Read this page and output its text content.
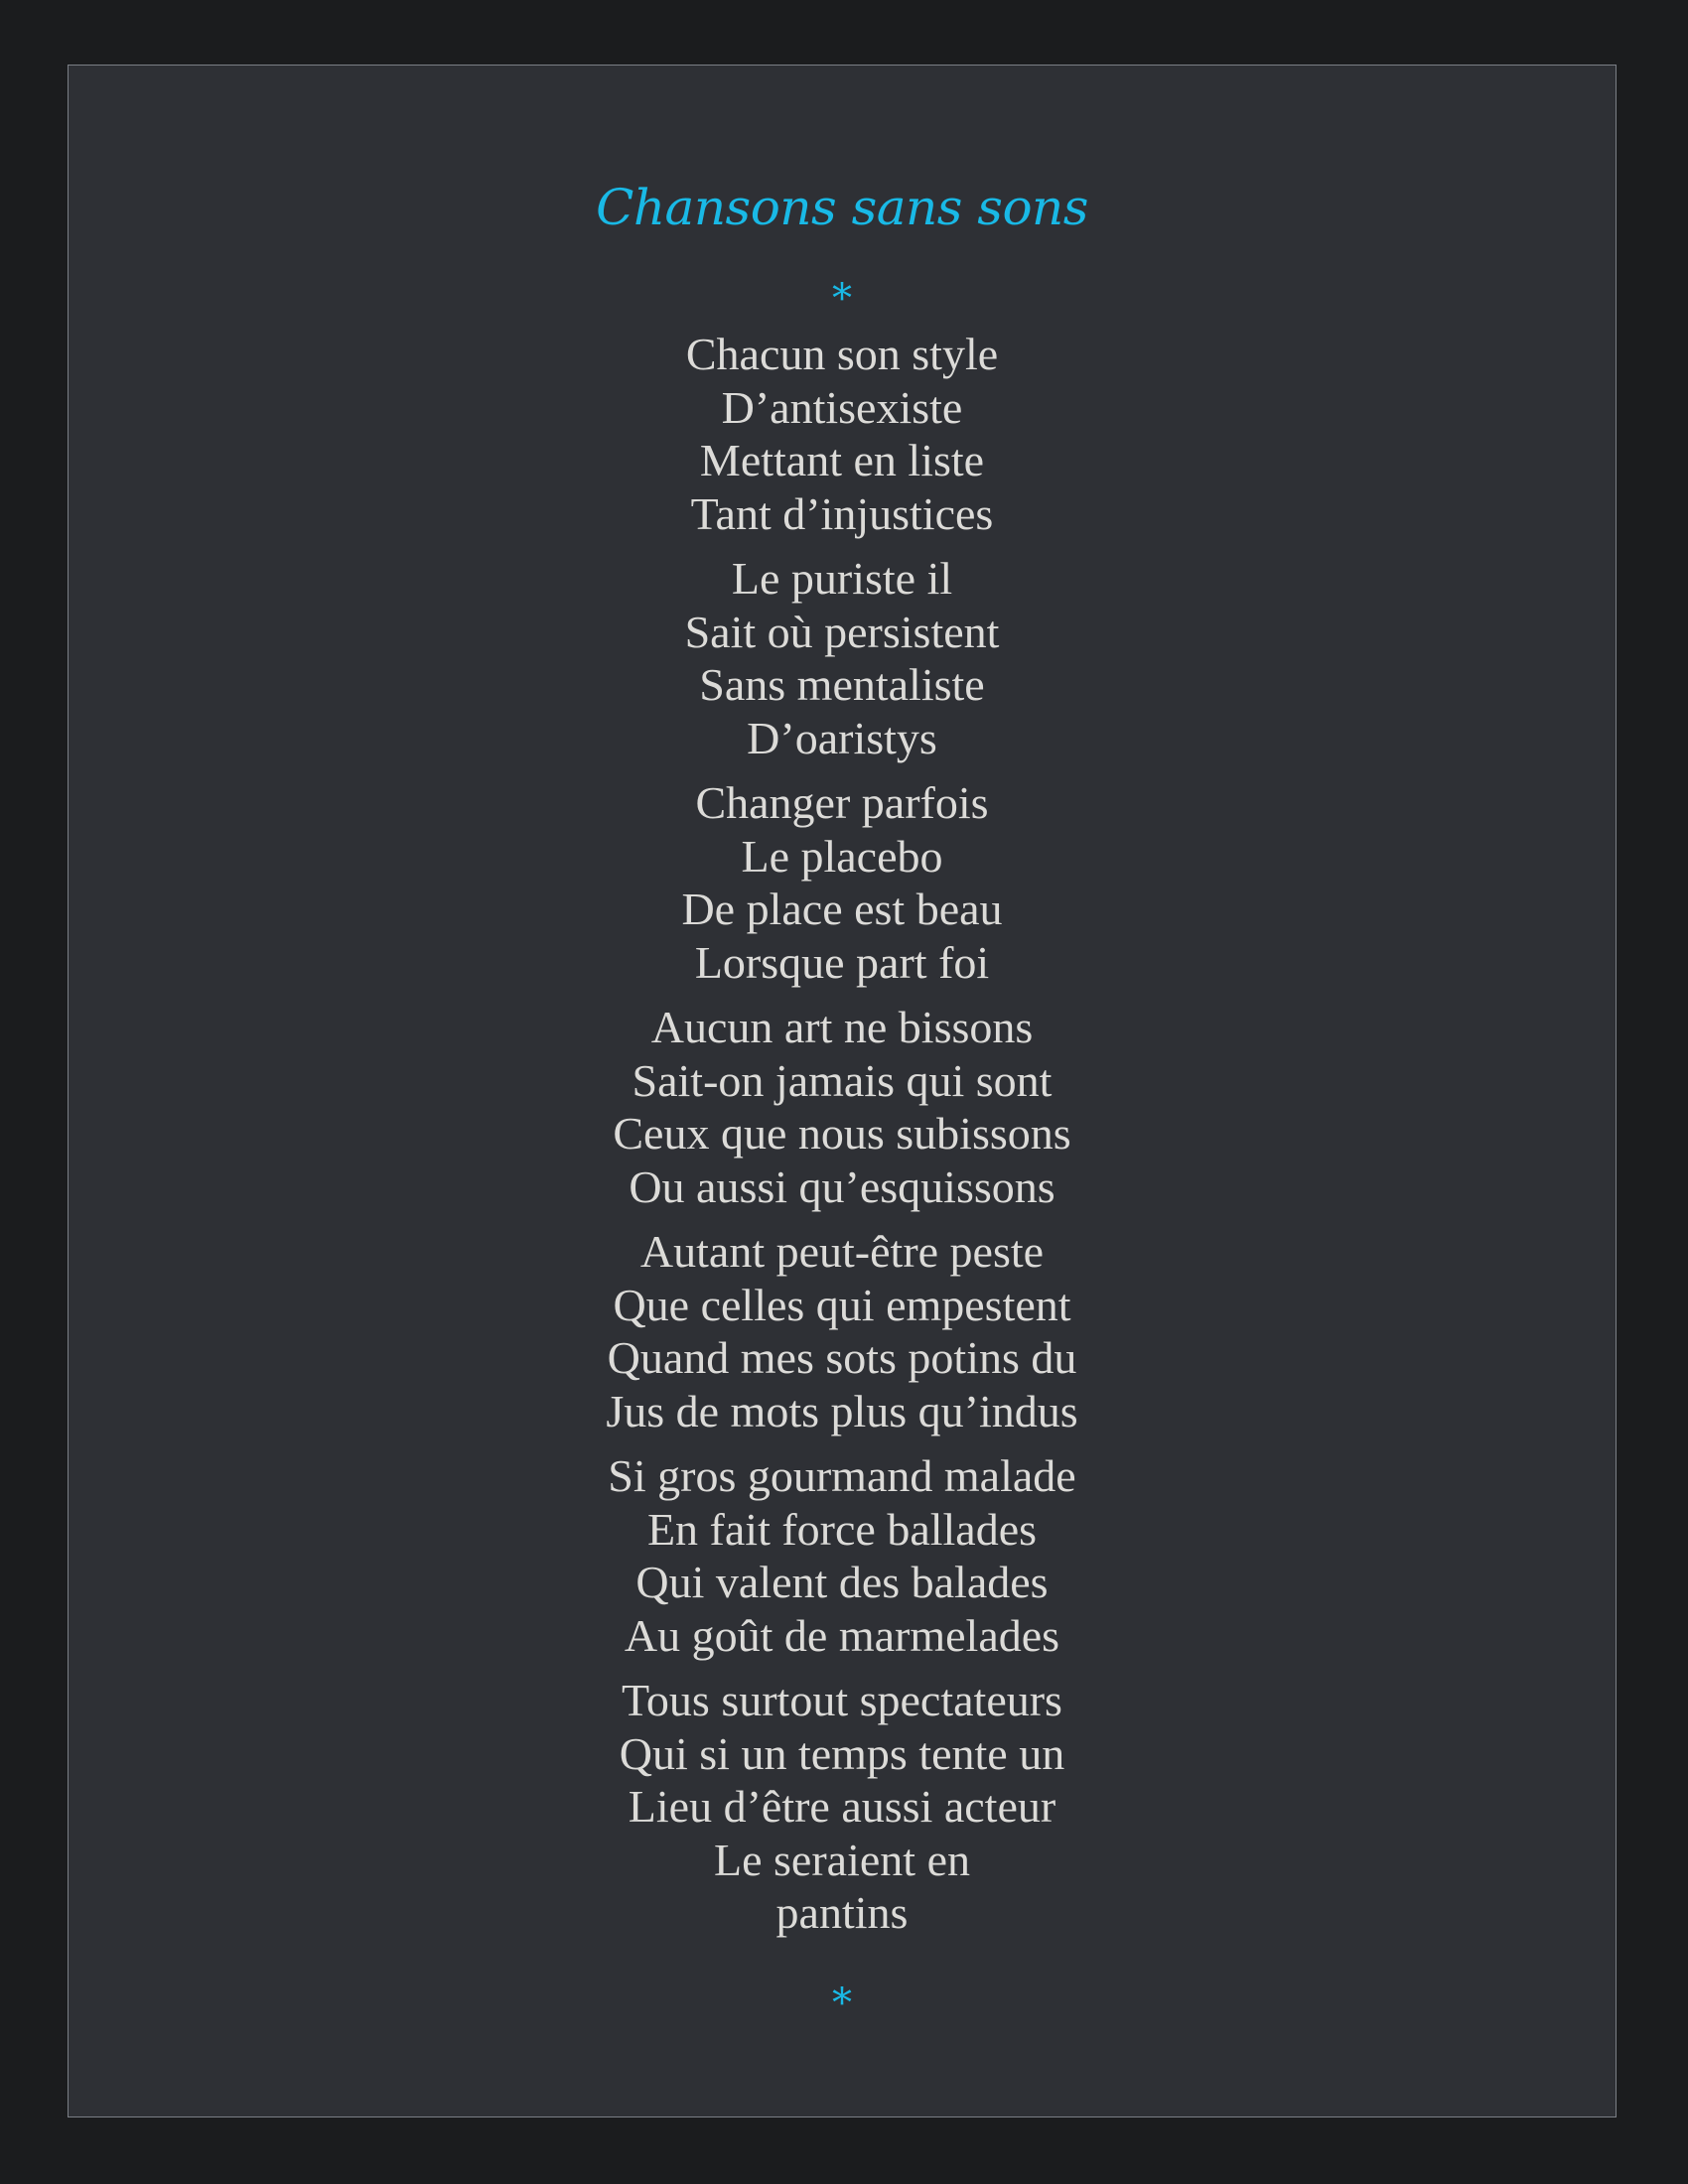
Chansons sans sons
*
Chacun son style
D’antisexiste
Mettant en liste
Tant d’injustices
Le puriste il
Sait où persistent
Sans mentaliste
D’oaristys
Changer parfois
Le placebo
De place est beau
Lorsque part foi
Aucun art ne bissons
Sait-on jamais qui sont
Ceux que nous subissons
Ou aussi qu’esquissons
Autant peut-être peste
Que celles qui empestent
Quand mes sots potins du
Jus de mots plus qu’indus
Si gros gourmand malade
En fait force ballades
Qui valent des balades
Au goût de marmelades
Tous surtout spectateurs
Qui si un temps tente un
Lieu d’être aussi acteur
Le seraient en
pantins
*
